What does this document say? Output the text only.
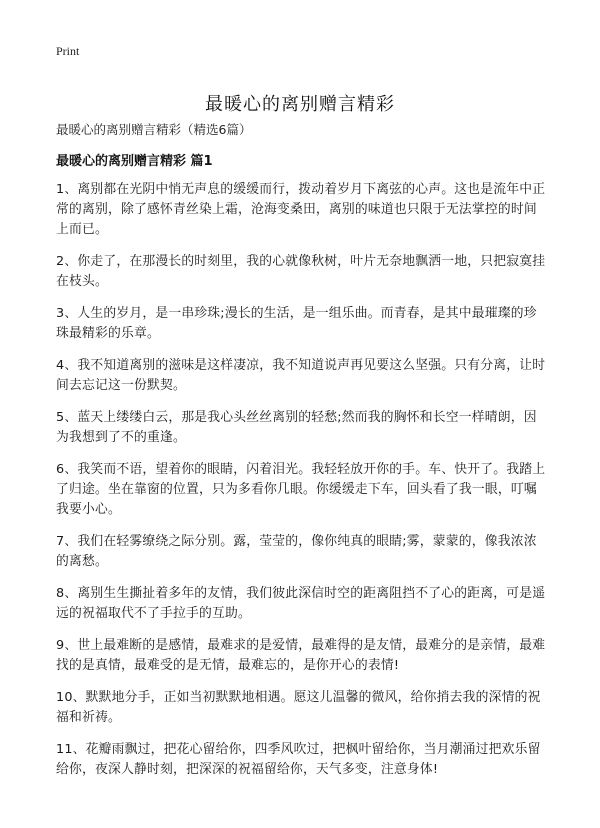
Print
最暖心的离别赠言精彩
最暖心的离别赠言精彩（精选6篇）
最暖心的离别赠言精彩 篇1

1、离别都在光阴中悄无声息的缓缓而行，拨动着岁月下离弦的心声。这也是流年中正常的离别，除了感怀青丝染上霜，沧海变桑田，离别的味道也只限于无法掌控的时间上而已。

2、你走了，在那漫长的时刻里，我的心就像秋树，叶片无奈地飘洒一地，只把寂寞挂在枝头。

3、人生的岁月，是一串珍珠;漫长的生活，是一组乐曲。而青春，是其中最璀璨的珍珠最精彩的乐章。

4、我不知道离别的滋味是这样凄凉，我不知道说声再见要这么坚强。只有分离，让时间去忘记这一份默契。

5、蓝天上缕缕白云，那是我心头丝丝离别的轻愁;然而我的胸怀和长空一样晴朗，因为我想到了不的重逢。

6、我笑而不语，望着你的眼睛，闪着泪光。我轻轻放开你的手。车、快开了。我踏上了归途。坐在靠窗的位置，只为多看你几眼。你缓缓走下车，回头看了我一眼，叮嘱我要小心。

7、我们在轻雾缭绕之际分别。露，莹莹的，像你纯真的眼睛;雾，蒙蒙的，像我浓浓的离愁。

8、离别生生撕扯着多年的友情，我们彼此深信时空的距离阻挡不了心的距离，可是遥远的祝福取代不了手拉手的互助。

9、世上最难断的是感情，最难求的是爱情，最难得的是友情，最难分的是亲情，最难找的是真情，最难受的是无情，最难忘的，是你开心的表情!

10、默默地分手，正如当初默默地相遇。愿这儿温馨的微风，给你捎去我的深情的祝福和祈祷。

11、花瓣雨飘过，把花心留给你，四季风吹过，把枫叶留给你，当月潮涌过把欢乐留给你，夜深人静时刻，把深深的祝福留给你，天气多变，注意身体!
